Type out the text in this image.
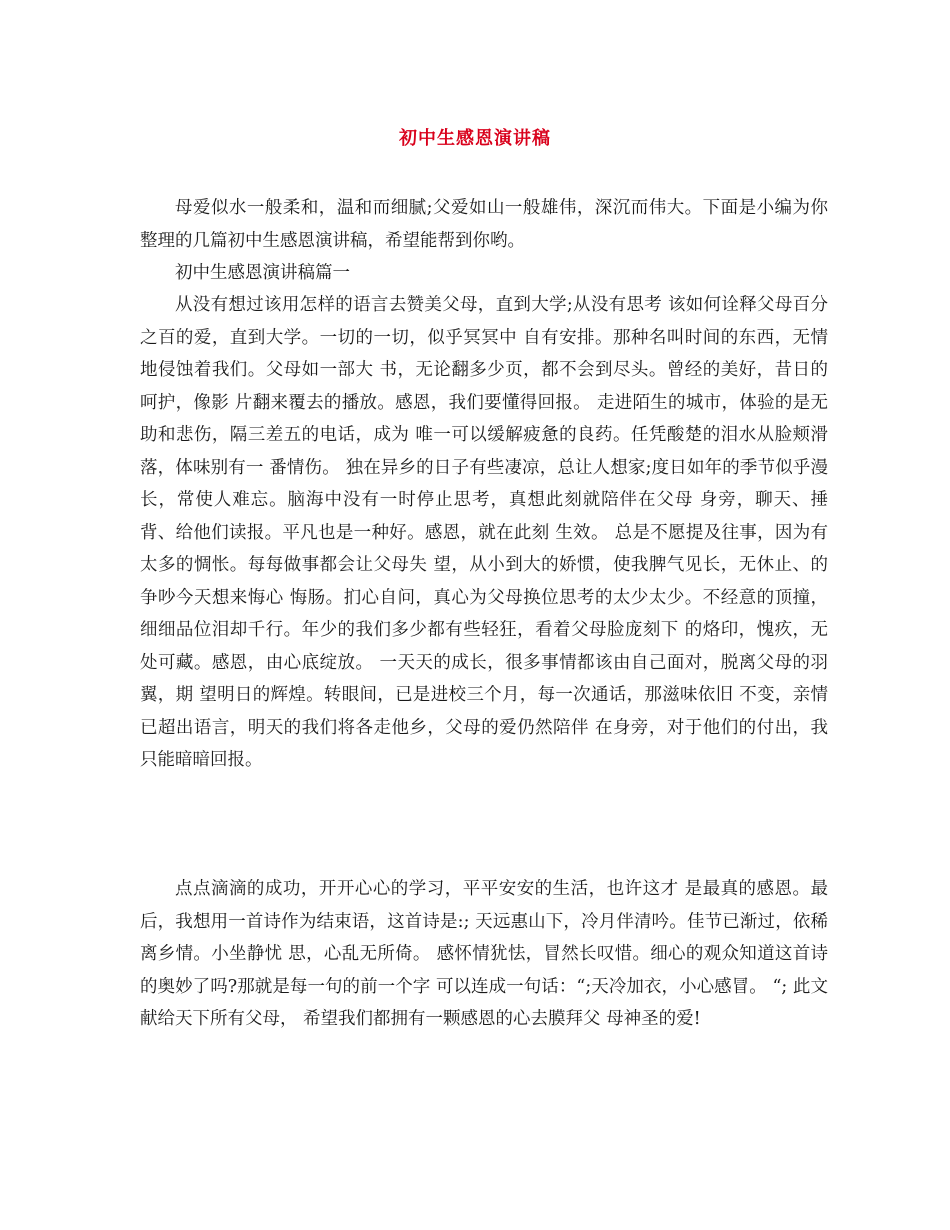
初中生感恩演讲稿

母爱似水一般柔和，温和而细腻;父爱如山一般雄伟，深沉而伟大。下面是小编为你整理的几篇初中生感恩演讲稿，希望能帮到你哟。

初中生感恩演讲稿篇一

从没有想过该用怎样的语言去赞美父母，直到大学;从没有思考 该如何诠释父母百分之百的爱，直到大学。一切的一切，似乎冥冥中 自有安排。那种名叫时间的东西，无情地侵蚀着我们。父母如一部大 书，无论翻多少页，都不会到尽头。曾经的美好，昔日的呵护，像影 片翻来覆去的播放。感恩，我们要懂得回报。 走进陌生的城市，体验的是无助和悲伤，隔三差五的电话，成为 唯一可以缓解疲惫的良药。任凭酸楚的泪水从脸颊滑落，体味别有一 番情伤。 独在异乡的日子有些凄凉，总让人想家;度日如年的季节似乎漫 长，常使人难忘。脑海中没有一时停止思考，真想此刻就陪伴在父母 身旁，聊天、捶背、给他们读报。平凡也是一种好。感恩，就在此刻 生效。 总是不愿提及往事，因为有太多的惆怅。每每做事都会让父母失 望，从小到大的娇惯，使我脾气见长，无休止、的争吵今天想来悔心 悔肠。扪心自问，真心为父母换位思考的太少太少。不经意的顶撞， 细细品位泪却千行。年少的我们多少都有些轻狂，看着父母脸庞刻下 的烙印，愧疚，无处可藏。感恩，由心底绽放。 一天天的成长，很多事情都该由自己面对，脱离父母的羽翼，期 望明日的辉煌。转眼间，已是进校三个月，每一次通话，那滋味依旧 不变，亲情已超出语言，明天的我们将各走他乡，父母的爱仍然陪伴 在身旁，对于他们的付出，我只能暗暗回报。

点点滴滴的成功，开开心心的学习，平平安安的生活，也许这才 是最真的感恩。最后，我想用一首诗作为结束语，这首诗是:; 天远惠山下，冷月伴清吟。佳节已渐过，依稀离乡情。小坐静忧 思，心乱无所倚。 感怀情犹怯，冒然长叹惜。细心的观众知道这首诗的奥妙了吗?那就是每一句的前一个字 可以连成一句话：“;天冷加衣，小心感冒。 “; 此文献给天下所有父母， 希望我们都拥有一颗感恩的心去膜拜父 母神圣的爱!
